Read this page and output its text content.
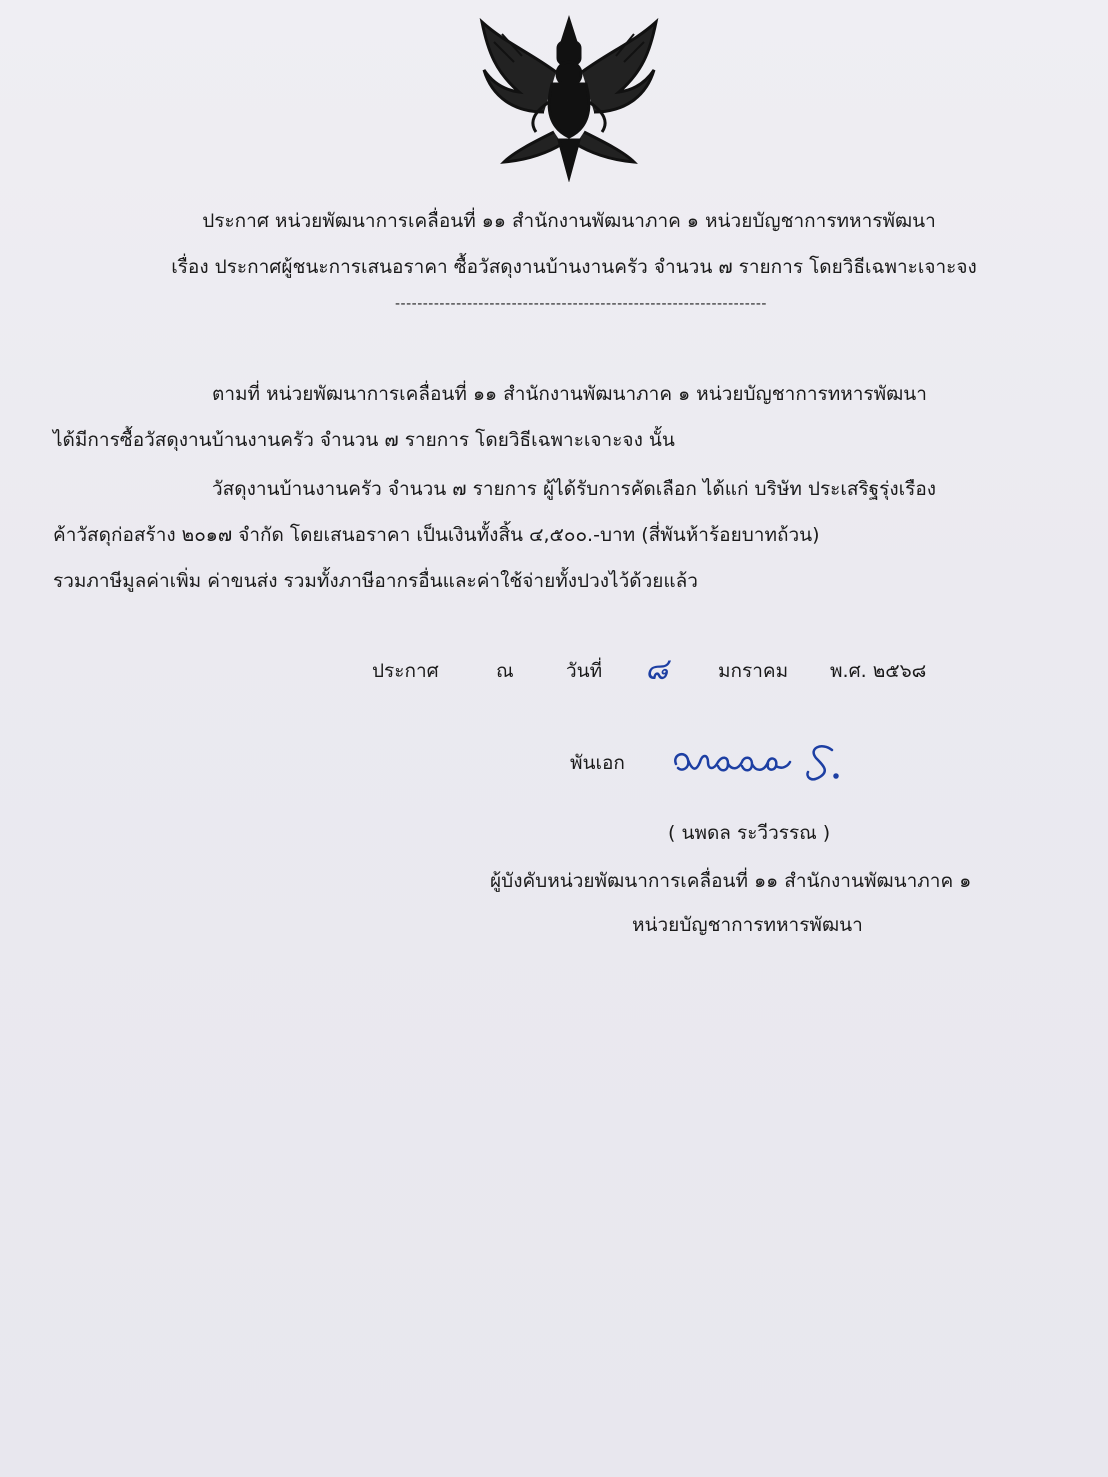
ประกาศ หน่วยพัฒนาการเคลื่อนที่ ๑๑ สำนักงานพัฒนาภาค ๑ หน่วยบัญชาการทหารพัฒนา
เรื่อง ประกาศผู้ชนะการเสนอราคา ซื้อวัสดุงานบ้านงานครัว จำนวน ๗ รายการ โดยวิธีเฉพาะเจาะจง
-------------------------------------------------------------------
ตามที่ หน่วยพัฒนาการเคลื่อนที่ ๑๑ สำนักงานพัฒนาภาค ๑ หน่วยบัญชาการทหารพัฒนา
ได้มีการซื้อวัสดุงานบ้านงานครัว จำนวน ๗ รายการ โดยวิธีเฉพาะเจาะจง นั้น
วัสดุงานบ้านงานครัว จำนวน ๗ รายการ ผู้ได้รับการคัดเลือก ได้แก่ บริษัท ประเสริฐรุ่งเรือง
ค้าวัสดุก่อสร้าง ๒๐๑๗ จำกัด โดยเสนอราคา เป็นเงินทั้งสิ้น ๔,๕๐๐.-บาท (สี่พันห้าร้อยบาทถ้วน)
รวมภาษีมูลค่าเพิ่ม ค่าขนส่ง รวมทั้งภาษีอากรอื่นและค่าใช้จ่ายทั้งปวงไว้ด้วยแล้ว
ประกาศ	ณ	วันที่ ๘	มกราคม พ.ศ. ๒๕๖๘
พันเอก
( นพดล ระวีวรรณ )
ผู้บังคับหน่วยพัฒนาการเคลื่อนที่ ๑๑ สำนักงานพัฒนาภาค ๑
หน่วยบัญชาการทหารพัฒนา
